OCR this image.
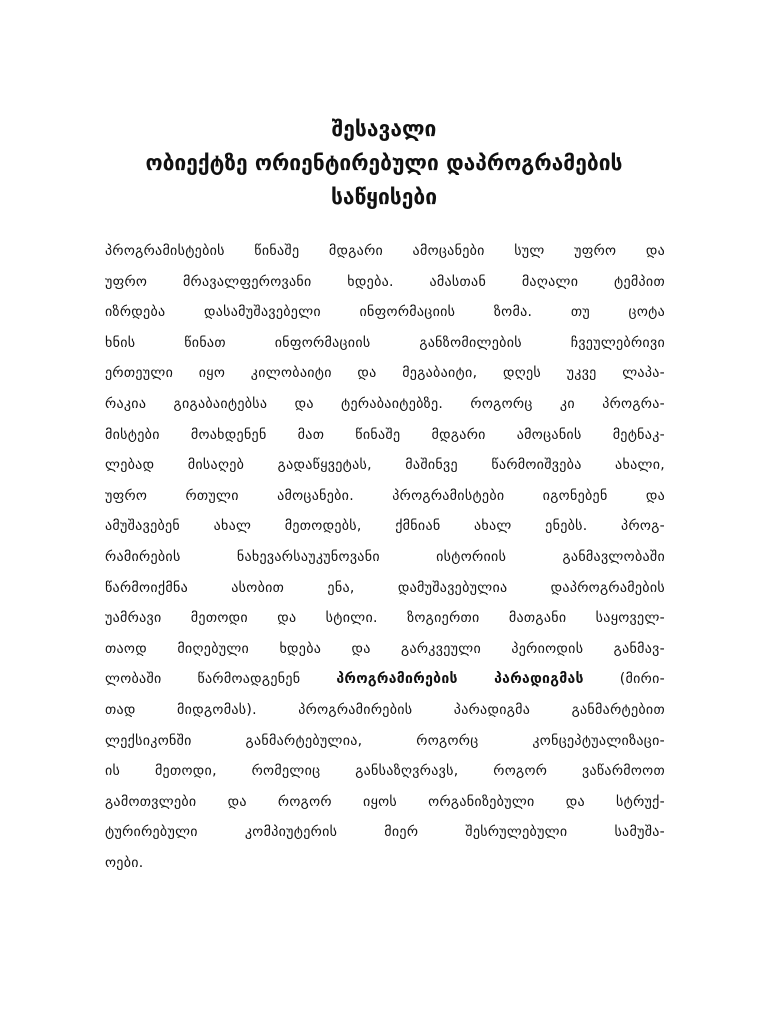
შესავალი
ობიექტზე ორიენტირებული დაპროგრამების
საწყისები
პროგრამისტების წინაშე მდგარი ამოცანები სულ უფრო და
უფრო მრავალფეროვანი ხდება. ამასთან მაღალი ტემპით
იზრდება დასამუშავებელი ინფორმაციის ზომა. თუ ცოტა
ხნის წინათ ინფორმაციის განზომილების ჩვეულებრივი
ერთეული იყო კილობაიტი და მეგაბაიტი, დღეს უკვე ლაპა-
რაკია გიგაბაიტებსა და ტერაბაიტებზე. როგორც კი პროგრა-
მისტები მოახდენენ მათ წინაშე მდგარი ამოცანის მეტნაკ-
ლებად მისაღებ გადაწყვეტას, მაშინვე წარმოიშვება ახალი,
უფრო რთული ამოცანები. პროგრამისტები იგონებენ და
ამუშავებენ ახალ მეთოდებს, ქმნიან ახალ ენებს. პროგ-
რამირების ნახევარსაუკუნოვანი ისტორიის განმავლობაში
წარმოიქმნა ასობით ენა, დამუშავებულია დაპროგრამების
უამრავი მეთოდი და სტილი. ზოგიერთი მათგანი საყოველ-
თაოდ მიღებული ხდება და გარკვეული პერიოდის განმავ-
ლობაში წარმოადგენენ პროგრამირების პარადიგმას (მირი-
თად მიდგომას). პროგრამირების პარადიგმა განმარტებით
ლექსიკონში განმარტებულია, როგორც კონცეპტუალიზაცი-
ის მეთოდი, რომელიც განსაზღვრავს, როგორ ვაწარმოოთ
გამოთვლები და როგორ იყოს ორგანიზებული და სტრუქ-
ტურირებული კომპიუტერის მიერ შესრულებული სამუშა-
ოები.
